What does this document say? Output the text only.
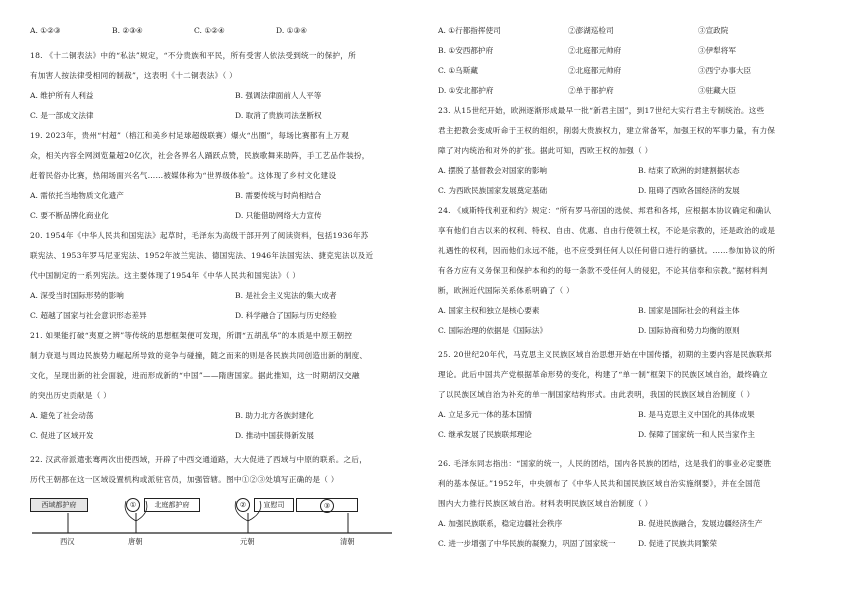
A. ①②③	B. ②③④	C. ①②④	D. ①③④
18. 《十二铜表法》中的“私法”规定，“不分贵族和平民，所有受害人依法受到统一的保护，所
有加害人按法律受相同的制裁”，这表明《十二铜表法》（ ）
A. 维护所有人利益	B. 强调法律面前人人平等
C. 是一部成文法律	D. 取消了贵族司法垄断权
19. 2023年，贵州“村超”（榕江和美乡村足球超级联赛）爆火“出圈”，每场比赛都有上万观
众，相关内容全网浏览量超20亿次，社会各界名人踊跃点赞，民族歌舞来助阵，手工艺品作装扮，
赶着民俗办比赛，热闹场面兴名气……被媒体称为“世界级体验”。这体现了乡村文化建设
A. 需依托当地物质文化遗产	B. 需要传统与时尚相结合
C. 要不断品牌化商业化	D. 只能借助网络大力宣传
20. 1954年《中华人民共和国宪法》起草时，毛泽东为高级干部开列了阅读资料，包括1936年苏
联宪法、1953年罗马尼亚宪法、1952年波兰宪法、德国宪法、1946年法国宪法、捷克宪法以及近
代中国制定的一系列宪法。这主要体现了1954年《中华人民共和国宪法》（ ）
A. 深受当时国际形势的影响	B. 是社会主义宪法的集大成者
C. 超越了国家与社会意识形态差异	D. 科学融合了国际与历史经验
21. 如果能打破“夷夏之辨”等传统的思想框架便可发现，所谓“五胡乱华”的本质是中原王朝控
制力衰退与周边民族势力崛起所导致的竞争与碰撞，随之而来的则是各民族共同创造出新的制度、
文化，呈现出新的社会面貌，进而形成新的“中国”——隋唐国家。据此推知，这一时期胡汉交融
的突出历史贡献是（ ）
A. 避免了社会动荡	B. 助力北方各族封建化
C. 促进了区域开发	D. 推动中国获得新发展
22. 汉武帝派遣张骞两次出使西域，开辟了中西交通道路，大大促进了西域与中原的联系。之后，
历代王朝都在这一区域设置机构或派驻官员，加强管辖。图中①②③处填写正确的是（ ）
西域都护府	①	北庭都护府	②	宣慰司	③
西汉	唐朝	元朝	清朝
A. ①行都指挥使司	②澎湖巡检司	③宣政院
B. ①安西都护府	②北庭都元帅府	③伊犁将军
C. ①乌斯藏	②北庭都元帅府	③西宁办事大臣
D. ①安北都护府	②单于都护府	③驻藏大臣
23. 从15世纪开始，欧洲逐渐形成最早一批“新君主国”，到17世纪大实行君主专制统治。这些
君主把教会变成听命于王权的组织，削弱大贵族权力，建立常备军，加强王权的军事力量，有力保
障了对内统治和对外的扩张。据此可知，西欧王权的加强（ ）
A. 摆脱了基督教会对国家的影响	B. 结束了欧洲的封建割据状态
C. 为西欧民族国家发展奠定基础	D. 阻碍了西欧各国经济的发展
24. 《威斯特伐利亚和约》规定：“所有罗马帝国的选侯、邦君和各邦，应根据本协议确定和确认
享有他们自古以来的权利、特权、自由、优惠、自由行使领土权，不论是宗教的，还是政治的或是
礼遇性的权利，因而他们永远不能，也不应受到任何人以任何借口进行的骚扰。……参加协议的所
有各方应有义务保卫和保护本和约的每一条款不受任何人的侵犯，不论其信奉和宗教。”据材料判
断，欧洲近代国际关系体系明确了（ ）
A. 国家主权和独立是核心要素	B. 国家是国际社会的利益主体
C. 国际治理的依据是《国际法》	D. 国际协商和势力均衡的原则
25. 20世纪20年代，马克思主义民族区域自治思想开始在中国传播，初期的主要内容是民族联邦
理论。此后中国共产党根据革命形势的变化，构建了“单一制”框架下的民族区域自治，最终确立
了以民族区域自治为补充的单一制国家结构形式。由此表明，我国的民族区域自治制度（ ）
A. 立足多元一体的基本国情	B. 是马克思主义中国化的具体成果
C. 继承发展了民族联邦理论	D. 保障了国家统一和人民当家作主
26. 毛泽东同志指出：“国家的统一，人民的团结，国内各民族的团结，这是我们的事业必定要胜
利的基本保证。”1952年，中央颁布了《中华人民共和国民族区域自治实施纲要》，并在全国范
围内大力推行民族区域自治。材料表明民族区域自治制度（ ）
A. 加强民族联系，稳定边疆社会秩序	B. 促进民族融合，发展边疆经济生产
C. 进一步增强了中华民族的凝聚力，巩固了国家统一	D. 促进了民族共同繁荣
